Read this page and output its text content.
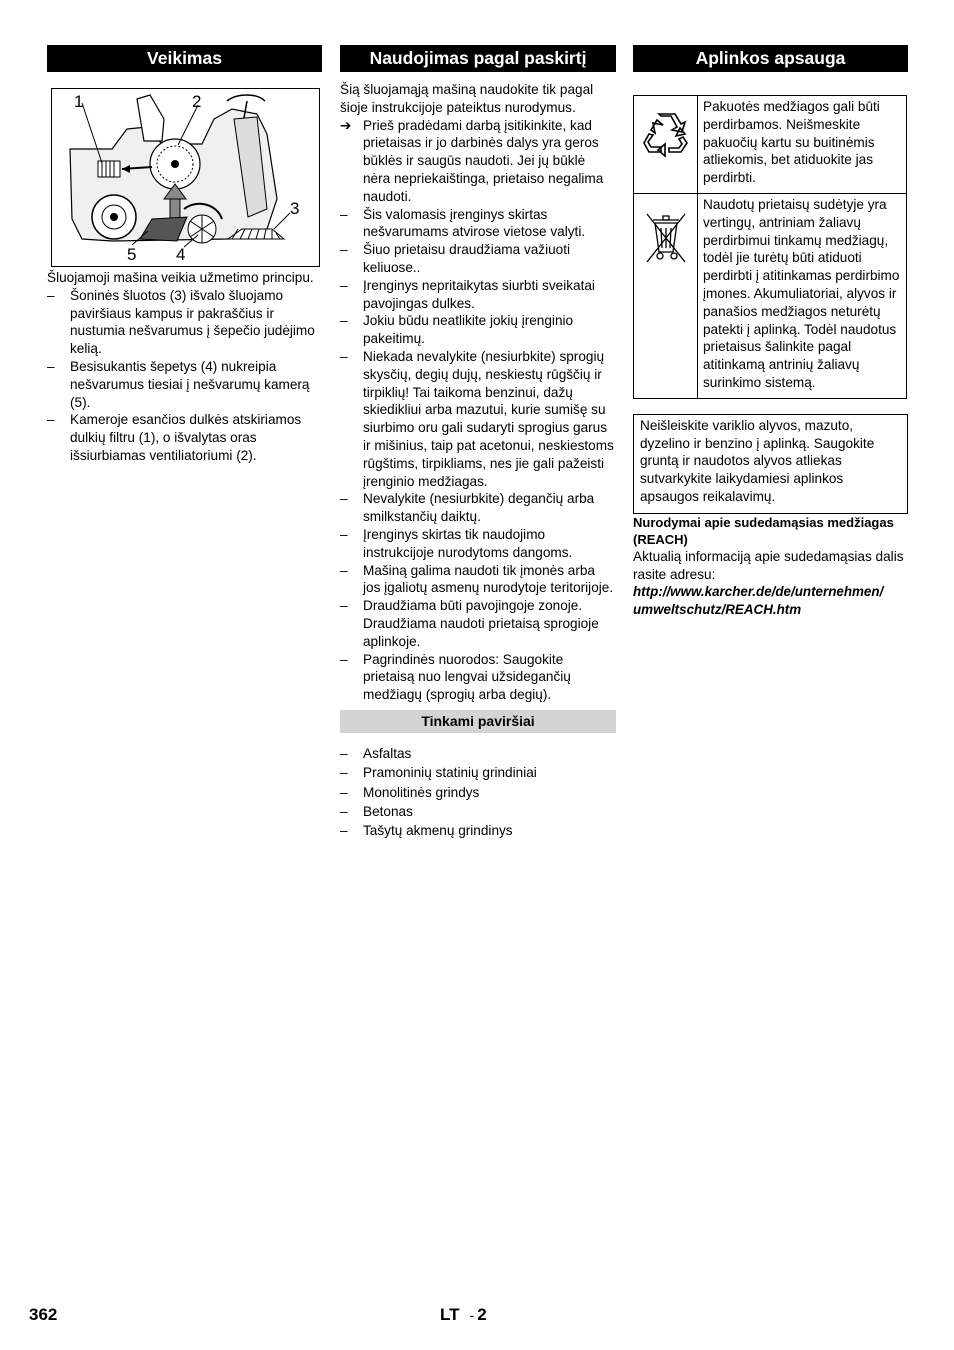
Veikimas
1	2
3
4
5

Šluojamoji mašina veikia užmetimo principu.

– Šoninės šluotos (3) išvalo šluojamo paviršiaus kampus ir pakraščius ir nustumia nešvarumus į šepečio judėjimo kelią.
– Besisukantis šepetys (4) nukreipia nešvarumus tiesiai į nešvarumų kamerą (5).
– Kameroje esančios dulkės atskiriamos dulkių filtru (1), o išvalytas oras išsiurbiamas ventiliatoriumi (2).
Naudojimas pagal paskirtį

Šią šluojamąją mašiną naudokite tik pagal šioje instrukcijoje pateiktus nurodymus.

➔ Prieš pradėdami darbą įsitikinkite, kad prietaisas ir jo darbinės dalys yra geros būklės ir saugūs naudoti. Jei jų būklė nėra nepriekaištinga, prietaiso negalima naudoti.
– Šis valomasis įrenginys skirtas nešvarumams atvirose vietose valyti.
– Šiuo prietaisu draudžiama važiuoti keliuose..
– Įrenginys nepritaikytas siurbti sveikatai pavojingas dulkes.
– Jokiu būdu neatlikite jokių įrenginio pakeitimų.
– Niekada nevalykite (nesiurbkite) sprogių skysčių, degių dujų, neskiestų rūgščių ir tirpiklių! Tai taikoma benzinui, dažų skiedikliui arba mazutui, kurie sumišę su siurbimo oru gali sudaryti sprogius garus ir mišinius, taip pat acetonui, neskiestoms rūgštims, tirpikliams, nes jie gali pažeisti įrenginio medžiagas.
– Nevalykite (nesiurbkite) degančių arba smilkstančių daiktų.
– Įrenginys skirtas tik naudojimo instrukcijoje nurodytoms dangoms.
– Mašiną galima naudoti tik įmonės arba jos įgaliotų asmenų nurodytoje teritorijoje.
– Draudžiama būti pavojingoje zonoje. Draudžiama naudoti prietaisą sprogioje aplinkoje.
– Pagrindinės nuorodos: Saugokite prietaisą nuo lengvai užsidegančių medžiagų (sprogių arba degių).
Tinkami paviršiai
– Asfaltas
– Pramoninių statinių grindiniai
– Monolitinės grindys
– Betonas
– Tašytų akmenų grindinys
Aplinkos apsauga
	Pakuotės medžiagos gali būti perdirbamos. Neišmeskite pakuočių kartu su buitinėmis atliekomis, bet atiduokite jas perdirbti.
	Naudotų prietaisų sudėtyje yra vertingų, antriniam žaliavų perdirbimui tinkamų medžiagų, todėl jie turėtų būti atiduoti perdirbti į atitinkamas perdirbimo įmones. Akumuliatoriai, alyvos ir panašios medžiagos neturėtų patekti į aplinką. Todėl naudotus prietaisus šalinkite pagal atitinkamą antrinių žaliavų surinkimo sistemą.
Neišleiskite variklio alyvos, mazuto, dyzelino ir benzino į aplinką. Saugokite gruntą ir naudotos alyvos atliekas sutvarkykite laikydamiesi aplinkos apsaugos reikalavimų.

Nurodymai apie sudedamąsias medžiagas (REACH)

Aktualią informaciją apie sudedamąsias dalis rasite adresu:

http://www.karcher.de/de/unternehmen/ umweltschutz/REACH.htm

362	LT - 2
